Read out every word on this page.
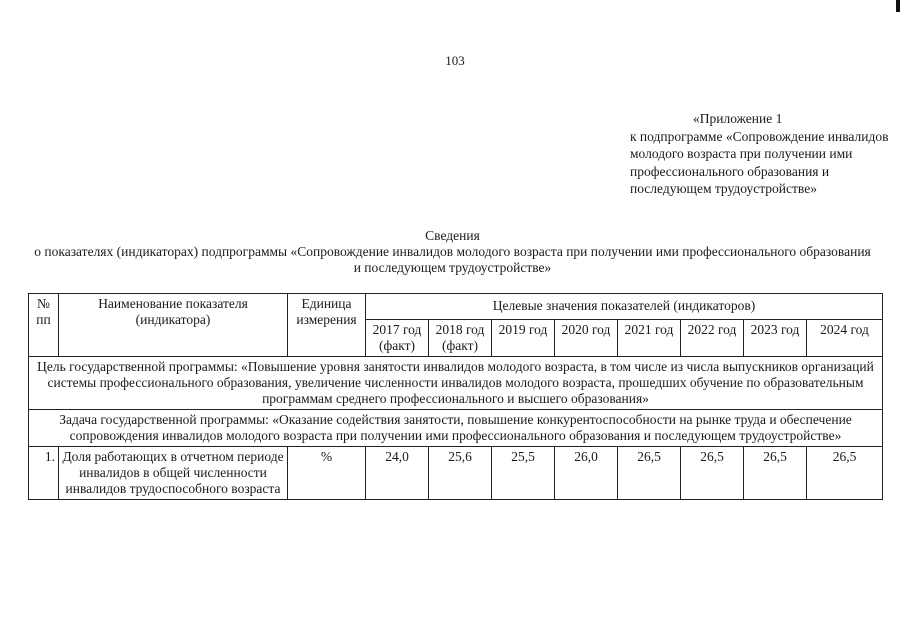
103
«Приложение 1
к подпрограмме «Сопровождение инвалидов молодого возраста при получении ими профессионального образования и последующем трудоустройстве»
Сведения
о показателях (индикаторах) подпрограммы «Сопровождение инвалидов молодого возраста при получении ими профессионального образования и последующем трудоустройстве»
№ пп	Наименование показателя (индикатора)	Единица измерения	Целевые значения показателей (индикаторов)							
			2017 год (факт)	2018 год (факт)	2019 год	2020 год	2021 год	2022 год	2023 год	2024 год
Цель государственной программы: «Повышение уровня занятости инвалидов молодого возраста, в том числе из числа выпускников организаций системы профессионального образования, увеличение численности инвалидов молодого возраста, прошедших обучение по образовательным программам среднего профессионального и высшего образования»										
Задача государственной программы: «Оказание содействия занятости, повышение конкурентоспособности на рынке труда и обеспечение сопровождения инвалидов молодого возраста при получении ими профессионального образования и последующем трудоустройстве»										
1.	Доля работающих в отчетном периоде инвалидов в общей численности инвалидов трудоспособного возраста	%	24,0	25,6	25,5	26,0	26,5	26,5	26,5	26,5
